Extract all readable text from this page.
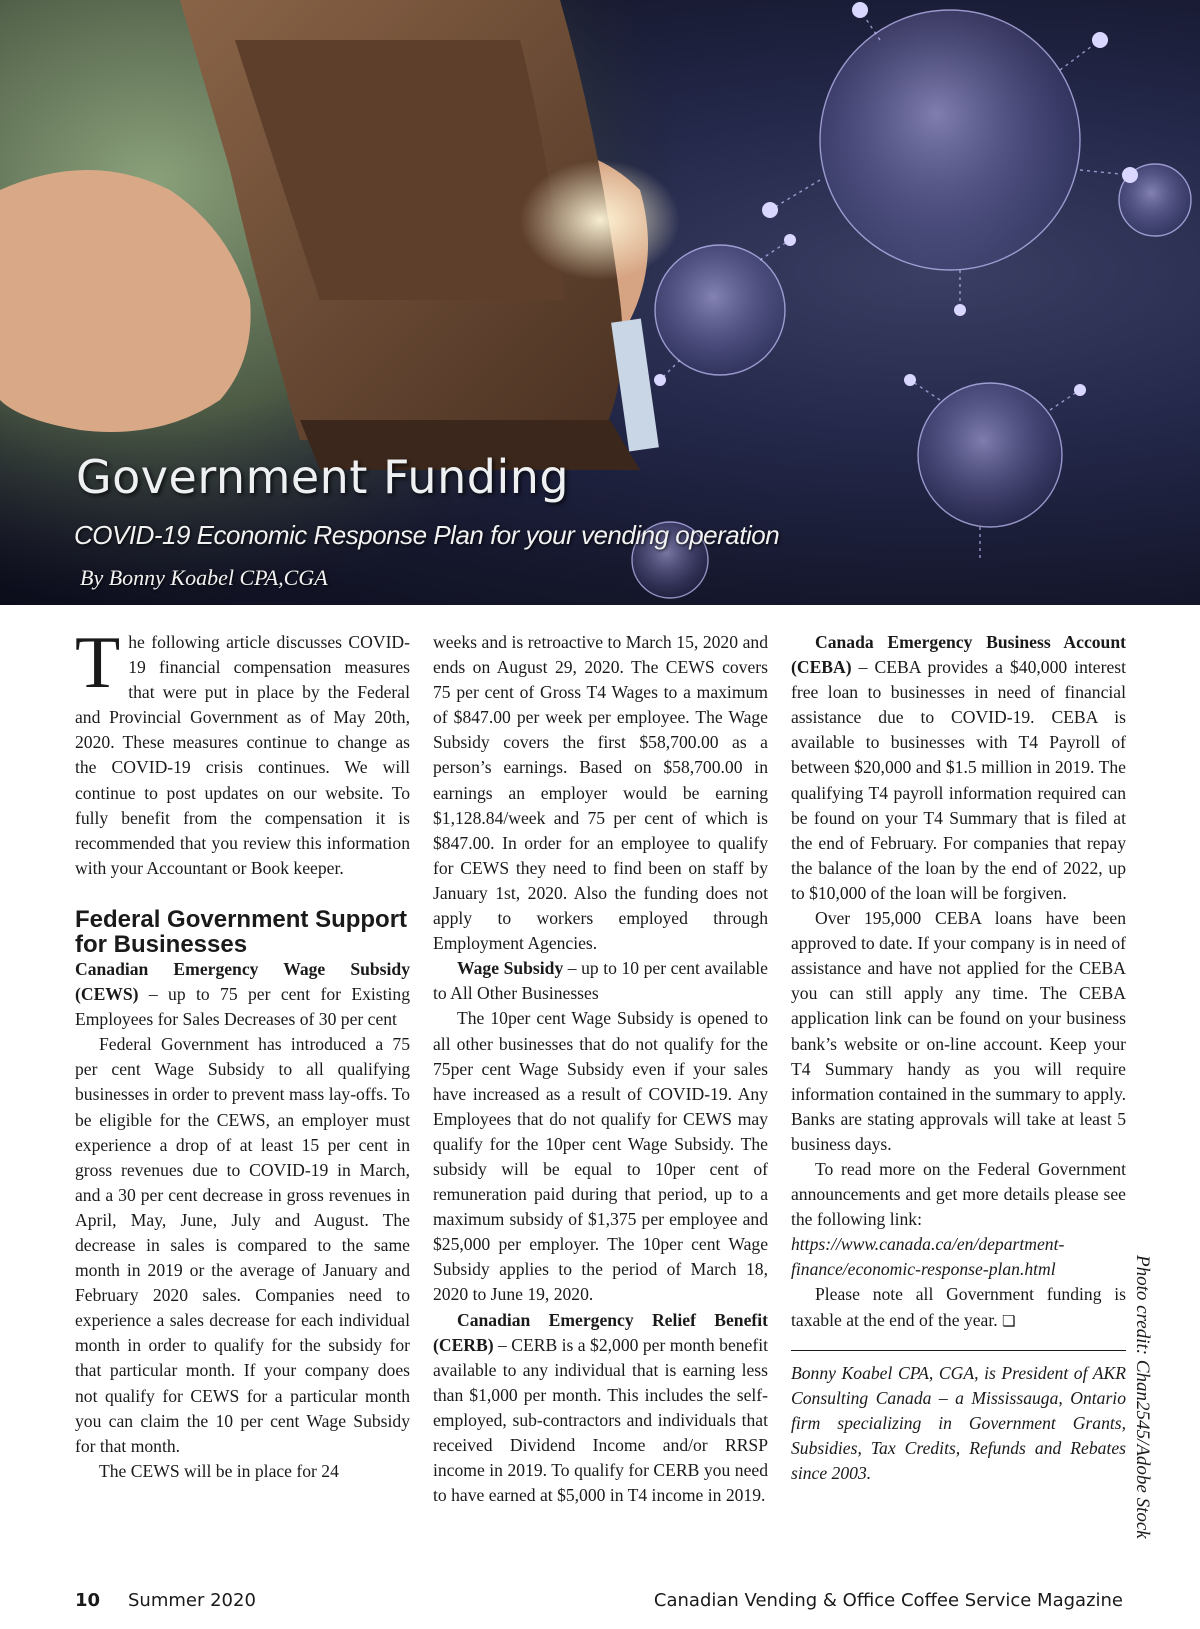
Government Funding

COVID-19 Economic Response Plan for your vending operation

By Bonny Koabel CPA,CGA

The following article discusses COVID-19 financial compensation measures that were put in place by the Federal and Provincial Government as of May 20th, 2020. These measures continue to change as the COVID-19 crisis continues. We will continue to post updates on our website. To fully benefit from the compensation it is recommended that you review this information with your Accountant or Book keeper.

Federal Government Support for Businesses

Canadian Emergency Wage Subsidy (CEWS) – up to 75 per cent for Existing Employees for Sales Decreases of 30 per cent

Federal Government has introduced a 75 per cent Wage Subsidy to all qualifying businesses in order to prevent mass lay-offs. To be eligible for the CEWS, an employer must experience a drop of at least 15 per cent in gross revenues due to COVID-19 in March, and a 30 per cent decrease in gross revenues in April, May, June, July and August. The decrease in sales is compared to the same month in 2019 or the average of January and February 2020 sales. Companies need to experience a sales decrease for each individual month in order to qualify for the subsidy for that particular month. If your company does not qualify for CEWS for a particular month you can claim the 10 per cent Wage Subsidy for that month.

The CEWS will be in place for 24

weeks and is retroactive to March 15, 2020 and ends on August 29, 2020. The CEWS covers 75 per cent of Gross T4 Wages to a maximum of $847.00 per week per employee. The Wage Subsidy covers the first $58,700.00 as a person’s earnings. Based on $58,700.00 in earnings an employer would be earning $1,128.84/week and 75 per cent of which is $847.00. In order for an employee to qualify for CEWS they need to find been on staff by January 1st, 2020. Also the funding does not apply to workers employed through Employment Agencies.

Wage Subsidy – up to 10 per cent available to All Other Businesses

The 10per cent Wage Subsidy is opened to all other businesses that do not qualify for the 75per cent Wage Subsidy even if your sales have increased as a result of COVID-19. Any Employees that do not qualify for CEWS may qualify for the 10per cent Wage Subsidy. The subsidy will be equal to 10per cent of remuneration paid during that period, up to a maximum subsidy of $1,375 per employee and $25,000 per employer. The 10per cent Wage Subsidy applies to the period of March 18, 2020 to June 19, 2020.

Canadian Emergency Relief Benefit (CERB) – CERB is a $2,000 per month benefit available to any individual that is earning less than $1,000 per month. This includes the self-employed, sub-contractors and individuals that received Dividend Income and/or RRSP income in 2019. To qualify for CERB you need to have earned at $5,000 in T4 income in 2019.

Canada Emergency Business Account (CEBA) – CEBA provides a $40,000 interest free loan to businesses in need of financial assistance due to COVID-19. CEBA is available to businesses with T4 Payroll of between $20,000 and $1.5 million in 2019. The qualifying T4 payroll information required can be found on your T4 Summary that is filed at the end of February. For companies that repay the balance of the loan by the end of 2022, up to $10,000 of the loan will be forgiven.

Over 195,000 CEBA loans have been approved to date. If your company is in need of assistance and have not applied for the CEBA you can still apply any time. The CEBA application link can be found on your business bank’s website or on-line account. Keep your T4 Summary handy as you will require information contained in the summary to apply. Banks are stating approvals will take at least 5 business days.

To read more on the Federal Government announcements and get more details please see the following link:

https://www.canada.ca/en/department-finance/economic-response-plan.html

Please note all Government funding is taxable at the end of the year. ❏

Bonny Koabel CPA, CGA, is President of AKR Consulting Canada – a Mississauga, Ontario firm specializing in Government Grants, Subsidies, Tax Credits, Refunds and Rebates since 2003.	Photo credit: Chan2545/Adobe Stock
10 Summer 2020	Canadian Vending & Office Coffee Service Magazine
